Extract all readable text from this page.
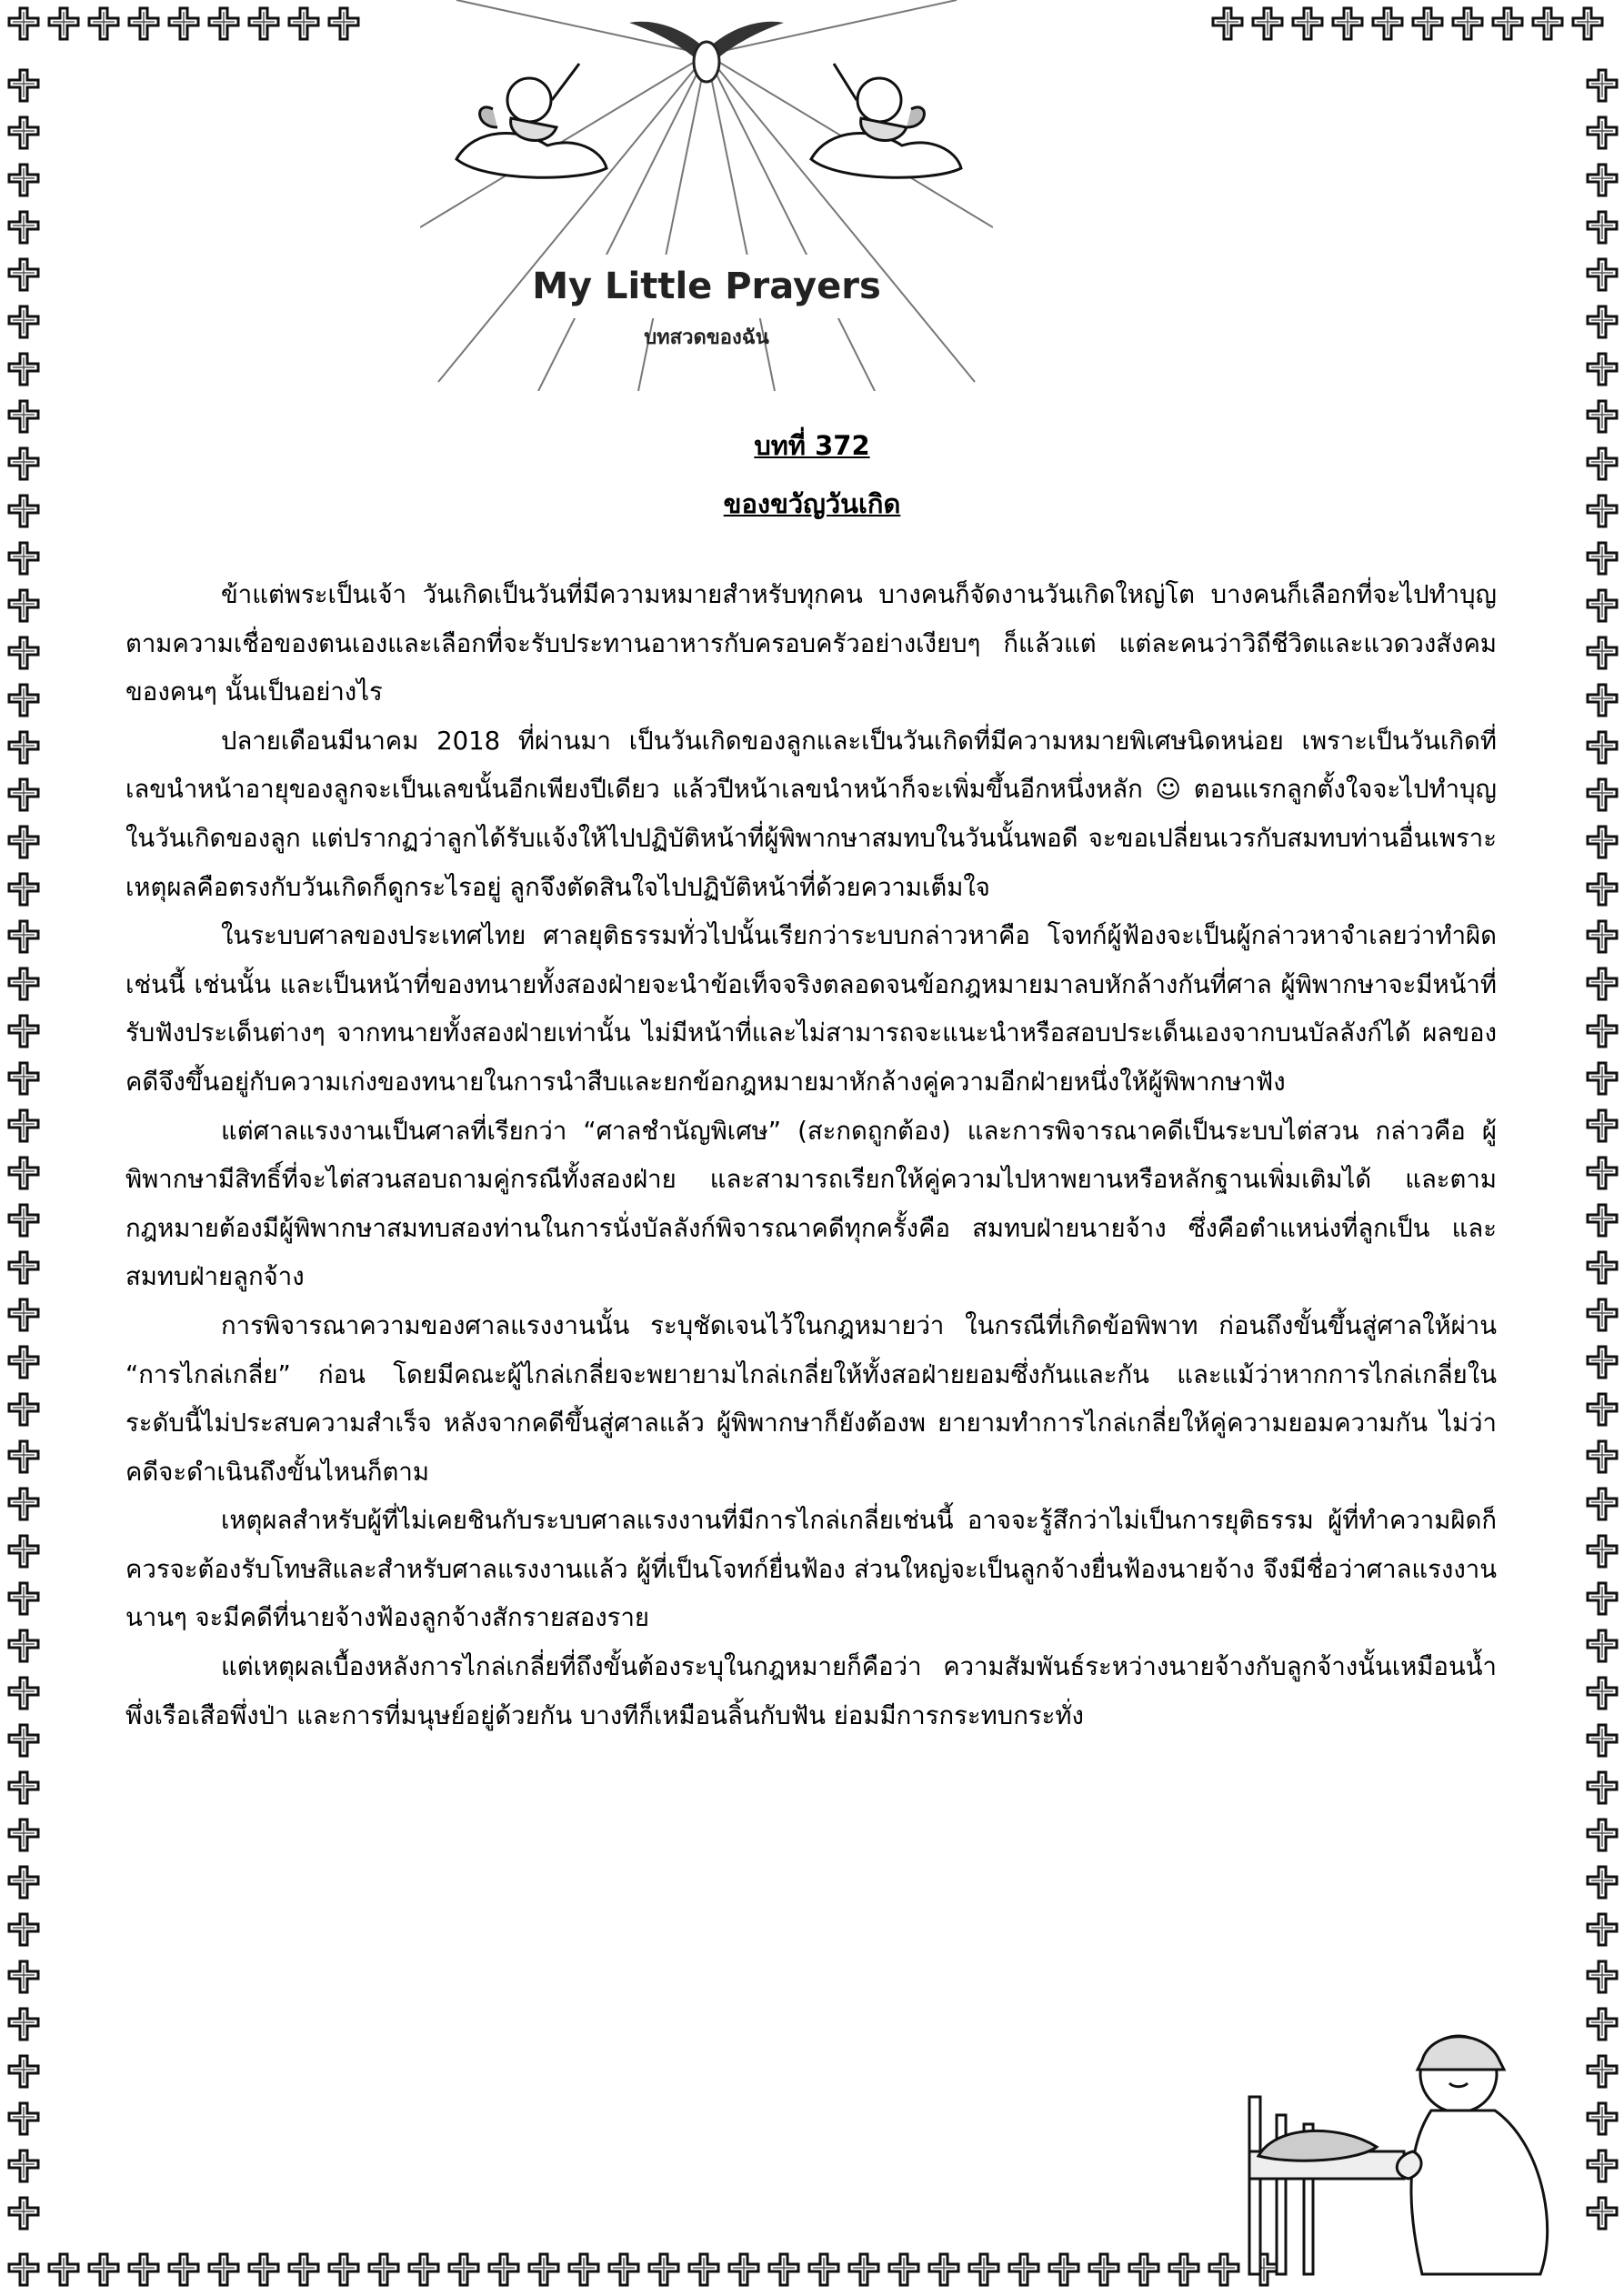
My Little Prayers
บทสวดของฉัน
บทที่ 372
ของขวัญวันเกิด

ข้าแต่พระเป็นเจ้า วันเกิดเป็นวันที่มีความหมายสำหรับทุกคน บางคนก็จัดงานวันเกิดใหญ่โต บางคนก็เลือกที่จะไปทำบุญตามความเชื่อของตนเองและเลือกที่จะรับประทานอาหารกับครอบครัวอย่างเงียบๆ ก็แล้วแต่ แต่ละคนว่าวิถีชีวิตและแวดวงสังคมของคนๆ นั้นเป็นอย่างไร

ปลายเดือนมีนาคม 2018 ที่ผ่านมา เป็นวันเกิดของลูกและเป็นวันเกิดที่มีความหมายพิเศษนิดหน่อย เพราะเป็นวันเกิดที่เลขนำหน้าอายุของลูกจะเป็นเลขนั้นอีกเพียงปีเดียว แล้วปีหน้าเลขนำหน้าก็จะเพิ่มขึ้นอีกหนึ่งหลัก ☺ ตอนแรกลูกตั้งใจจะไปทำบุญในวันเกิดของลูก แต่ปรากฏว่าลูกได้รับแจ้งให้ไปปฏิบัติหน้าที่ผู้พิพากษาสมทบในวันนั้นพอดี จะขอเปลี่ยนเวรกับสมทบท่านอื่นเพราะเหตุผลคือตรงกับวันเกิดก็ดูกระไรอยู่ ลูกจึงตัดสินใจไปปฏิบัติหน้าที่ด้วยความเต็มใจ

ในระบบศาลของประเทศไทย ศาลยุติธรรมทั่วไปนั้นเรียกว่าระบบกล่าวหาคือ โจทก์ผู้ฟ้องจะเป็นผู้กล่าวหาจำเลยว่าทำผิดเช่นนี้ เช่นนั้น และเป็นหน้าที่ของทนายทั้งสองฝ่ายจะนำข้อเท็จจริงตลอดจนข้อกฎหมายมาลบหักล้างกันที่ศาล ผู้พิพากษาจะมีหน้าที่รับฟังประเด็นต่างๆ จากทนายทั้งสองฝ่ายเท่านั้น ไม่มีหน้าที่และไม่สามารถจะแนะนำหรือสอบประเด็นเองจากบนบัลลังก์ได้ ผลของคดีจึงขึ้นอยู่กับความเก่งของทนายในการนำสืบและยกข้อกฎหมายมาหักล้างคู่ความอีกฝ่ายหนึ่งให้ผู้พิพากษาฟัง

แต่ศาลแรงงานเป็นศาลที่เรียกว่า “ศาลชำนัญพิเศษ” (สะกดถูกต้อง) และการพิจารณาคดีเป็นระบบไต่สวน กล่าวคือ ผู้พิพากษามีสิทธิ์ที่จะไต่สวนสอบถามคู่กรณีทั้งสองฝ่าย และสามารถเรียกให้คู่ความไปหาพยานหรือหลักฐานเพิ่มเติมได้ และตามกฎหมายต้องมีผู้พิพากษาสมทบสองท่านในการนั่งบัลลังก์พิจารณาคดีทุกครั้งคือ สมทบฝ่ายนายจ้าง ซึ่งคือตำแหน่งที่ลูกเป็น และสมทบฝ่ายลูกจ้าง

การพิจารณาความของศาลแรงงานนั้น ระบุชัดเจนไว้ในกฎหมายว่า ในกรณีที่เกิดข้อพิพาท ก่อนถึงขั้นขึ้นสู่ศาลให้ผ่าน “การไกล่เกลี่ย” ก่อน โดยมีคณะผู้ไกล่เกลี่ยจะพยายามไกล่เกลี่ยให้ทั้งสอฝ่ายยอมซึ่งกันและกัน และแม้ว่าหากการไกล่เกลี่ยในระดับนี้ไม่ประสบความสำเร็จ หลังจากคดีขึ้นสู่ศาลแล้ว ผู้พิพากษาก็ยังต้องพ ยายามทำการไกล่เกลี่ยให้คู่ความยอมความกัน ไม่ว่าคดีจะดำเนินถึงขั้นไหนก็ตาม

เหตุผลสำหรับผู้ที่ไม่เคยชินกับระบบศาลแรงงานที่มีการไกล่เกลี่ยเช่นนี้ อาจจะรู้สึกว่าไม่เป็นการยุติธรรม ผู้ที่ทำความผิดก็ควรจะต้องรับโทษสิและสำหรับศาลแรงงานแล้ว ผู้ที่เป็นโจทก์ยื่นฟ้อง ส่วนใหญ่จะเป็นลูกจ้างยื่นฟ้องนายจ้าง จึงมีชื่อว่าศาลแรงงาน นานๆ จะมีคดีที่นายจ้างฟ้องลูกจ้างสักรายสองราย

แต่เหตุผลเบื้องหลังการไกล่เกลี่ยที่ถึงขั้นต้องระบุในกฎหมายก็คือว่า ความสัมพันธ์ระหว่างนายจ้างกับลูกจ้างนั้นเหมือนน้ำพึ่งเรือเสือพึ่งป่า และการที่มนุษย์อยู่ด้วยกัน บางทีก็เหมือนลิ้นกับฟัน ย่อมมีการกระทบกระทั่ง
